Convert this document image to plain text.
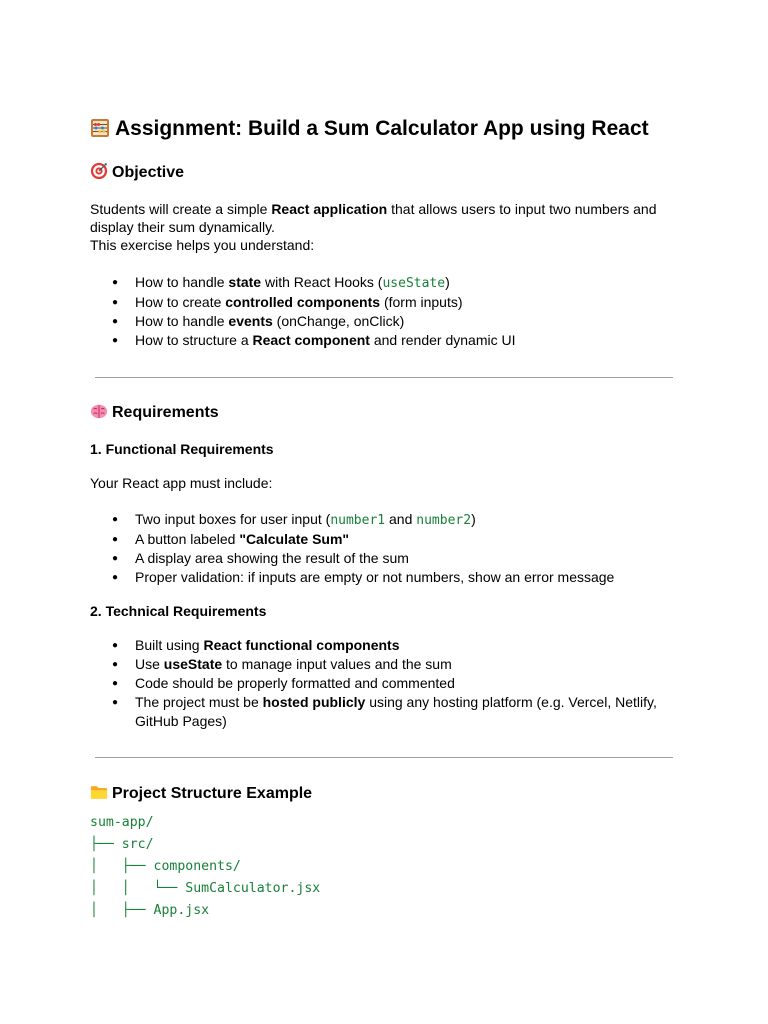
Assignment: Build a Sum Calculator App using React
Objective

Students will create a simple React application that allows users to input two numbers and display their sum dynamically.
This exercise helps you understand:

● How to handle state with React Hooks (useState)
● How to create controlled components (form inputs)
● How to handle events (onChange, onClick)
● How to structure a React component and render dynamic UI
Requirements
1. Functional Requirements

Your React app must include:

● Two input boxes for user input (number1 and number2)
● A button labeled "Calculate Sum"
● A display area showing the result of the sum
● Proper validation: if inputs are empty or not numbers, show an error message
2. Technical Requirements
● Built using React functional components
● Use useState to manage input values and the sum
● Code should be properly formatted and commented
● The project must be hosted publicly using any hosting platform (e.g. Vercel, Netlify, GitHub Pages)
Project Structure Example
sum-app/
├── src/
│   ├── components/
│   │   └── SumCalculator.jsx
│   ├── App.jsx
